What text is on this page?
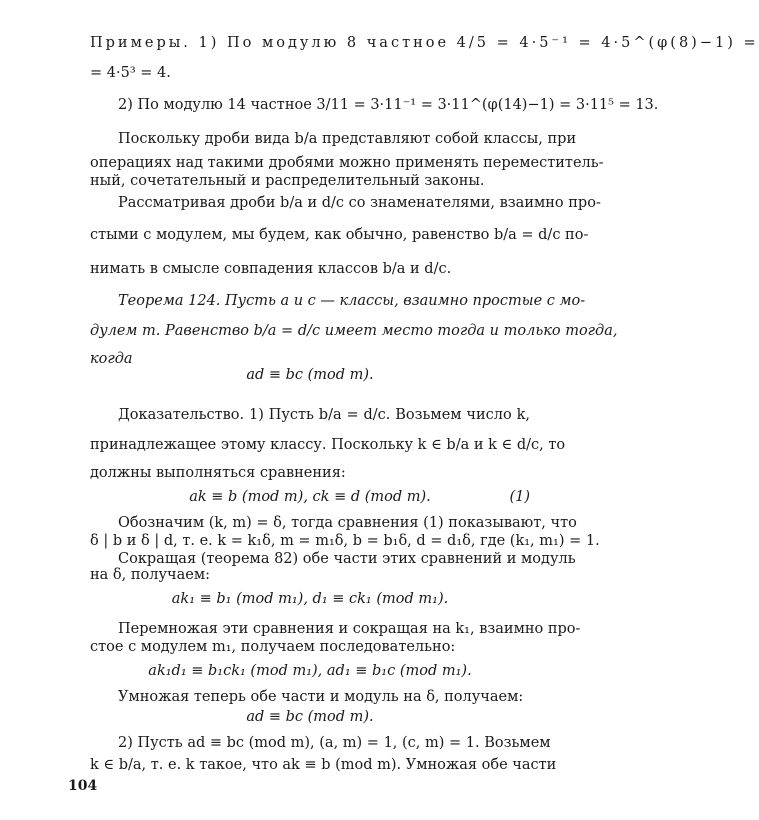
Примеры. 1) По модулю 8 частное 4/5 = 4·5⁻¹ = 4·5^(φ(8)−1) =
= 4·5³ = 4.
2) По модулю 14 частное 3/11 = 3·11⁻¹ = 3·11^(φ(14)−1) = 3·11⁵ = 13.
Поскольку дроби вида b/a представляют собой классы, при
операциях над такими дробями можно применять переместитель-
ный, сочетательный и распределительный законы.
Рассматривая дроби b/a и d/c со знаменателями, взаимно про-
стыми с модулем, мы будем, как обычно, равенство b/a = d/c по-
нимать в смысле совпадения классов b/a и d/c.
Теорема 124. Пусть a и c — классы, взаимно простые с мо-
дулем m. Равенство b/a = d/c имеет место тогда и только тогда,
когда
ad ≡ bc (mod m).
Доказательство. 1) Пусть b/a = d/c. Возьмем число k,
принадлежащее этому классу. Поскольку k ∈ b/a и k ∈ d/c, то
должны выполняться сравнения:
ak ≡ b (mod m), ck ≡ d (mod m).	(1)
Обозначим (k, m) = δ, тогда сравнения (1) показывают, что
δ | b и δ | d, т. е. k = k₁δ, m = m₁δ, b = b₁δ, d = d₁δ, где (k₁, m₁) = 1.
Сокращая (теорема 82) обе части этих сравнений и модуль
на δ, получаем:
ak₁ ≡ b₁ (mod m₁), d₁ ≡ ck₁ (mod m₁).
Перемножая эти сравнения и сокращая на k₁, взаимно про-
стое с модулем m₁, получаем последовательно:
ak₁d₁ ≡ b₁ck₁ (mod m₁), ad₁ ≡ b₁c (mod m₁).
Умножая теперь обе части и модуль на δ, получаем:
ad ≡ bc (mod m).
2) Пусть ad ≡ bc (mod m), (a, m) = 1, (c, m) = 1. Возьмем
k ∈ b/a, т. е. k такое, что ak ≡ b (mod m). Умножая обе части
104
